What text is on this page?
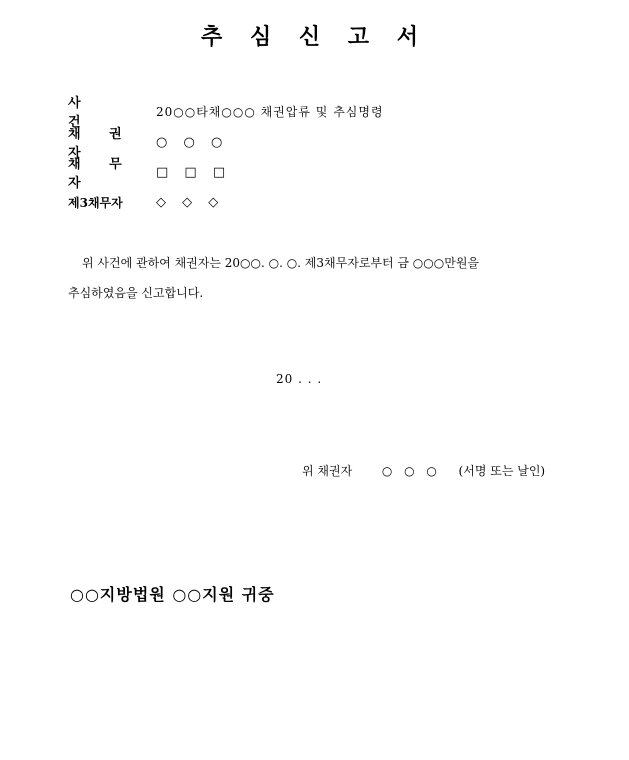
추 심 신 고 서
사 건
20○○타채○○○ 채권압류 및 추심명령
채 권 자
○ ○ ○
채 무 자
□ □ □
제3채무자	◇ ◇ ◇

위 사건에 관하여 채권자는 20○○. ○. ○. 제3채무자로부터 금 ○○○만원을

추심하였음을 신고합니다.

20 . . .
위 채권자 ○ ○ ○ (서명 또는 날인)
○○지방법원 ○○지원 귀중
